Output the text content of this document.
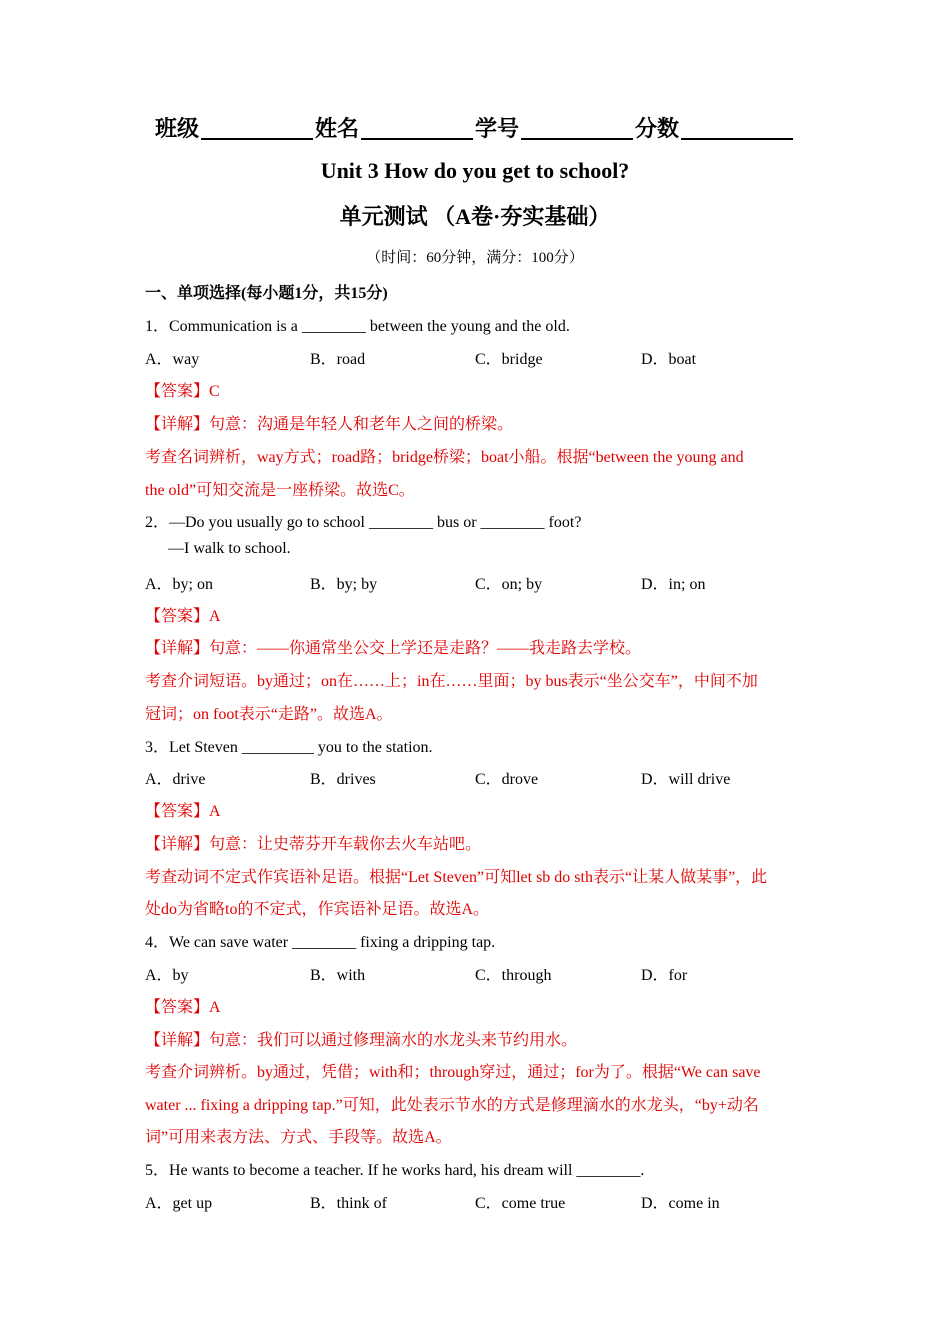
班级	姓名	学号	分数
Unit 3 How do you get to school?
单元测试 （A卷·夯实基础）
（时间：60分钟，满分：100分）
一、单项选择(每小题1分，共15分)
1．Communication is a ________ between the young and the old.
A．way	B．road	C．bridge	D．boat
【答案】C
【详解】句意：沟通是年轻人和老年人之间的桥梁。
考查名词辨析，way方式；road路；bridge桥梁；boat小船。根据“between the young and
the old”可知交流是一座桥梁。故选C。
2．—Do you usually go to school ________ bus or ________ foot?
—I walk to school.
A．by; on	B．by; by	C．on; by	D．in; on
【答案】A
【详解】句意：——你通常坐公交上学还是走路？——我走路去学校。
考查介词短语。by通过；on在……上；in在……里面；by bus表示“坐公交车”，中间不加
冠词；on foot表示“走路”。故选A。
3．Let Steven _________ you to the station.
A．drive	B．drives	C．drove	D．will drive
【答案】A
【详解】句意：让史蒂芬开车载你去火车站吧。
考查动词不定式作宾语补足语。根据“Let Steven”可知let sb do sth表示“让某人做某事”，此
处do为省略to的不定式，作宾语补足语。故选A。
4．We can save water ________ fixing a dripping tap.
A．by	B．with	C．through	D．for
【答案】A
【详解】句意：我们可以通过修理滴水的水龙头来节约用水。
考查介词辨析。by通过，凭借；with和；through穿过，通过；for为了。根据“We can save
water ... fixing a dripping tap.”可知，此处表示节水的方式是修理滴水的水龙头，“by+动名
词”可用来表方法、方式、手段等。故选A。
5．He wants to become a teacher. If he works hard, his dream will ________.
A．get up	B．think of	C．come true	D．come in
